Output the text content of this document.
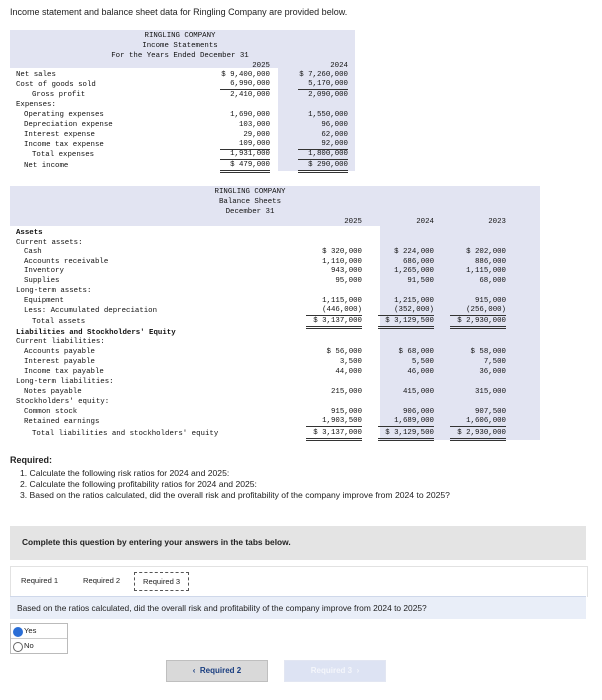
Income statement and balance sheet data for Ringling Company are provided below.
RINGLING COMPANY
Income Statements
For the Years Ended December 31
2025	2024
Net sales	$ 9,400,000	$ 7,260,000
Cost of goods sold	6,990,000	5,170,000
Gross profit	2,410,000	2,090,000
Expenses:
Operating expenses	1,690,000	1,550,000
Depreciation expense	103,000	96,000
Interest expense	29,000	62,000
Income tax expense	109,000	92,000
Total expenses	1,931,000	1,800,000
Net income	$ 479,000	$ 290,000
RINGLING COMPANY
Balance Sheets
December 31
2025	2024	2023
Assets
Current assets:
Cash	$ 320,000	$ 224,000	$ 202,000
Accounts receivable	1,110,000	686,000	886,000
Inventory	943,000	1,265,000	1,115,000
Supplies	95,000	91,500	68,000
Long-term assets:
Equipment	1,115,000	1,215,000	915,000
Less: Accumulated depreciation	(446,000)	(352,000)	(256,000)
Total assets	$ 3,137,000	$ 3,129,500	$ 2,930,000
Liabilities and Stockholders' Equity
Current liabilities:
Accounts payable	$ 56,000	$ 68,000	$ 58,000
Interest payable	3,500	5,500	7,500
Income tax payable	44,000	46,000	36,000
Long-term liabilities:
Notes payable	215,000	415,000	315,000
Stockholders' equity:
Common stock	915,000	906,000	907,500
Retained earnings	1,903,500	1,689,000	1,606,000
Total liabilities and stockholders' equity	$ 3,137,000	$ 3,129,500	$ 2,930,000
Required:
1. Calculate the following risk ratios for 2024 and 2025:
2. Calculate the following profitability ratios for 2024 and 2025:
3. Based on the ratios calculated, did the overall risk and profitability of the company improve from 2024 to 2025?
Complete this question by entering your answers in the tabs below.
Required 1	Required 2	Required 3
Based on the ratios calculated, did the overall risk and profitability of the company improve from 2024 to 2025?
Yes
No
‹ Required 2	Required 3 ›
